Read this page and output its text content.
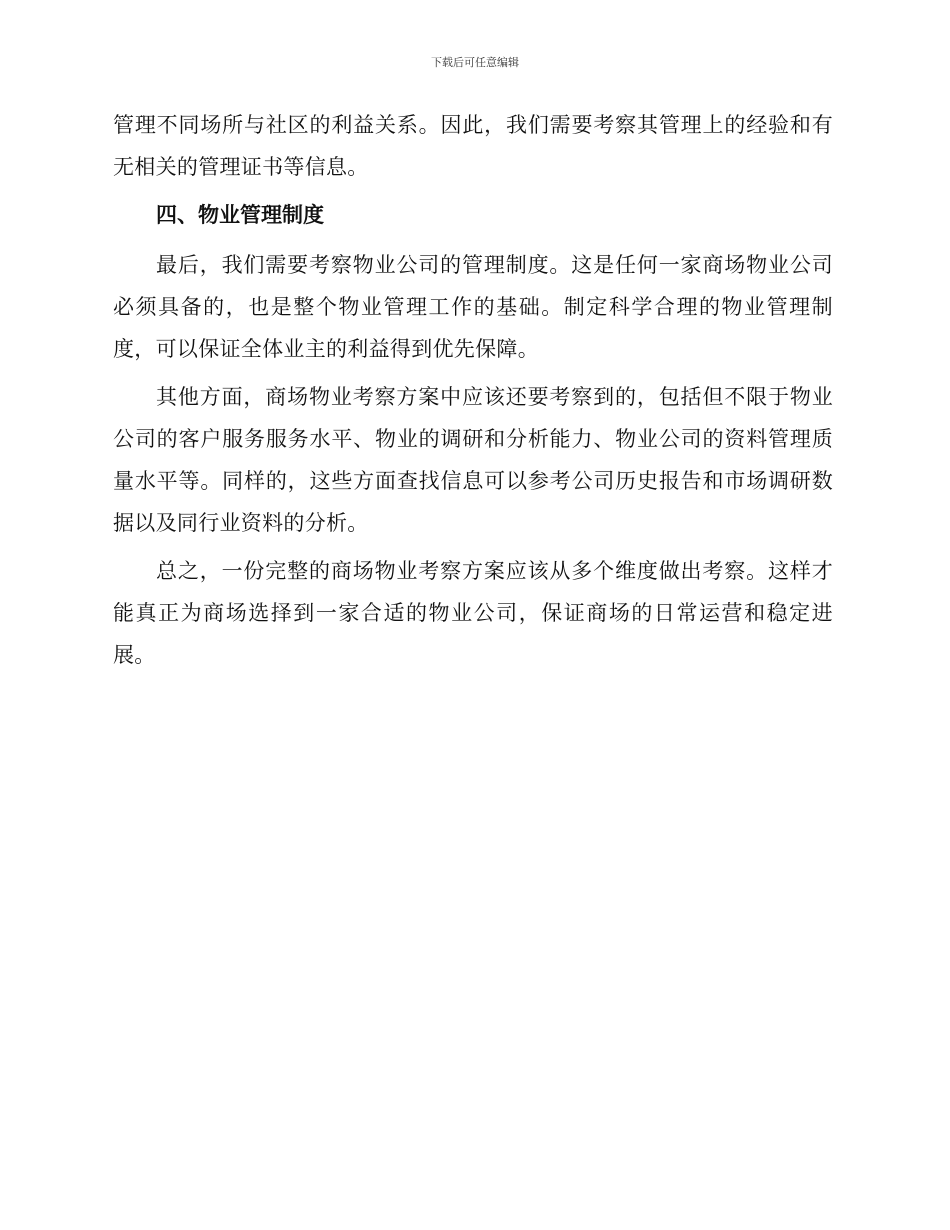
下载后可任意编辑

管理不同场所与社区的利益关系。因此，我们需要考察其管理上的经验和有无相关的管理证书等信息。

四、物业管理制度

最后，我们需要考察物业公司的管理制度。这是任何一家商场物业公司必须具备的，也是整个物业管理工作的基础。制定科学合理的物业管理制度，可以保证全体业主的利益得到优先保障。

其他方面，商场物业考察方案中应该还要考察到的，包括但不限于物业公司的客户服务服务水平、物业的调研和分析能力、物业公司的资料管理质量水平等。同样的，这些方面查找信息可以参考公司历史报告和市场调研数据以及同行业资料的分析。

总之，一份完整的商场物业考察方案应该从多个维度做出考察。这样才能真正为商场选择到一家合适的物业公司，保证商场的日常运营和稳定进展。
